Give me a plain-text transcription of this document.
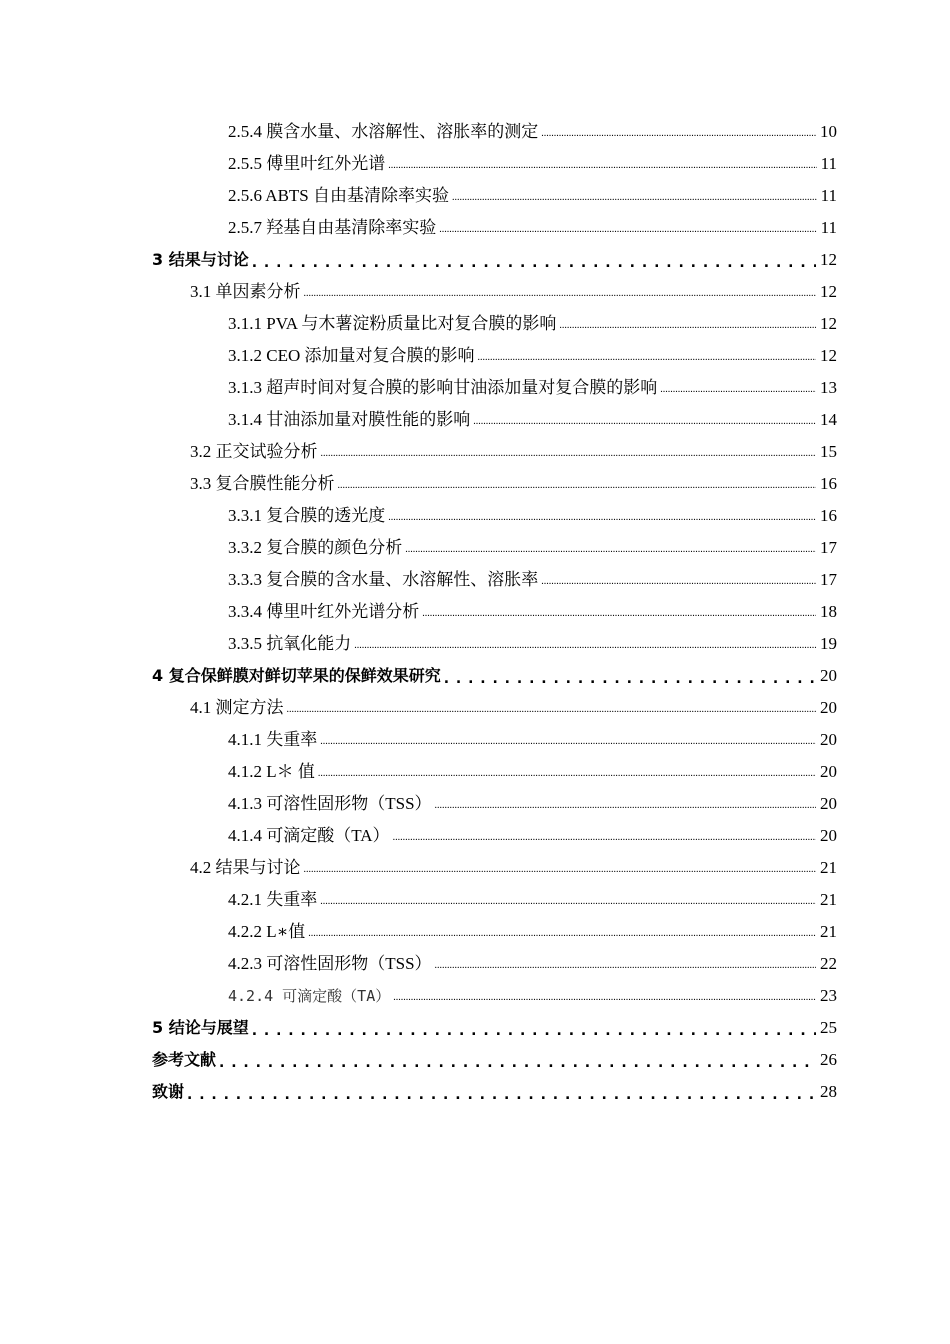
2.5.4 膜含水量、水溶解性、溶胀率的测定 .....	10
2.5.5 傅里叶红外光谱 .....	11
2.5.6 ABTS 自由基清除率实验 .....	11
2.5.7 羟基自由基清除率实验 .....	11
3 结果与讨论 . . .	12
3.1 单因素分析 .....	12
3.1.1 PVA 与木薯淀粉质量比对复合膜的影响 .....	12
3.1.2 CEO 添加量对复合膜的影响 .....	12
3.1.3 超声时间对复合膜的影响甘油添加量对复合膜的影响 .....	13
3.1.4 甘油添加量对膜性能的影响 .....	14
3.2 正交试验分析 .....	15
3.3 复合膜性能分析 .....	16
3.3.1 复合膜的透光度 .....	16
3.3.2 复合膜的颜色分析 .....	17
3.3.3 复合膜的含水量、水溶解性、溶胀率 .....	17
3.3.4 傅里叶红外光谱分析 .....	18
3.3.5 抗氧化能力 .....	19
4 复合保鲜膜对鲜切苹果的保鲜效果研究 . . .	20
4.1 测定方法 .....	20
4.1.1 失重率 .....	20
4.1.2 L＊ 值 .....	20
4.1.3 可溶性固形物（TSS） .....	20
4.1.4 可滴定酸（TA） .....	20
4.2 结果与讨论 .....	21
4.2.1 失重率 .....	21
4.2.2 L∗值 .....	21
4.2.3 可溶性固形物（TSS） .....	22
4.2.4 可滴定酸（TA） .....	23
5 结论与展望 . . .	25
参考文献 . . .	26
致谢 . . .	28
